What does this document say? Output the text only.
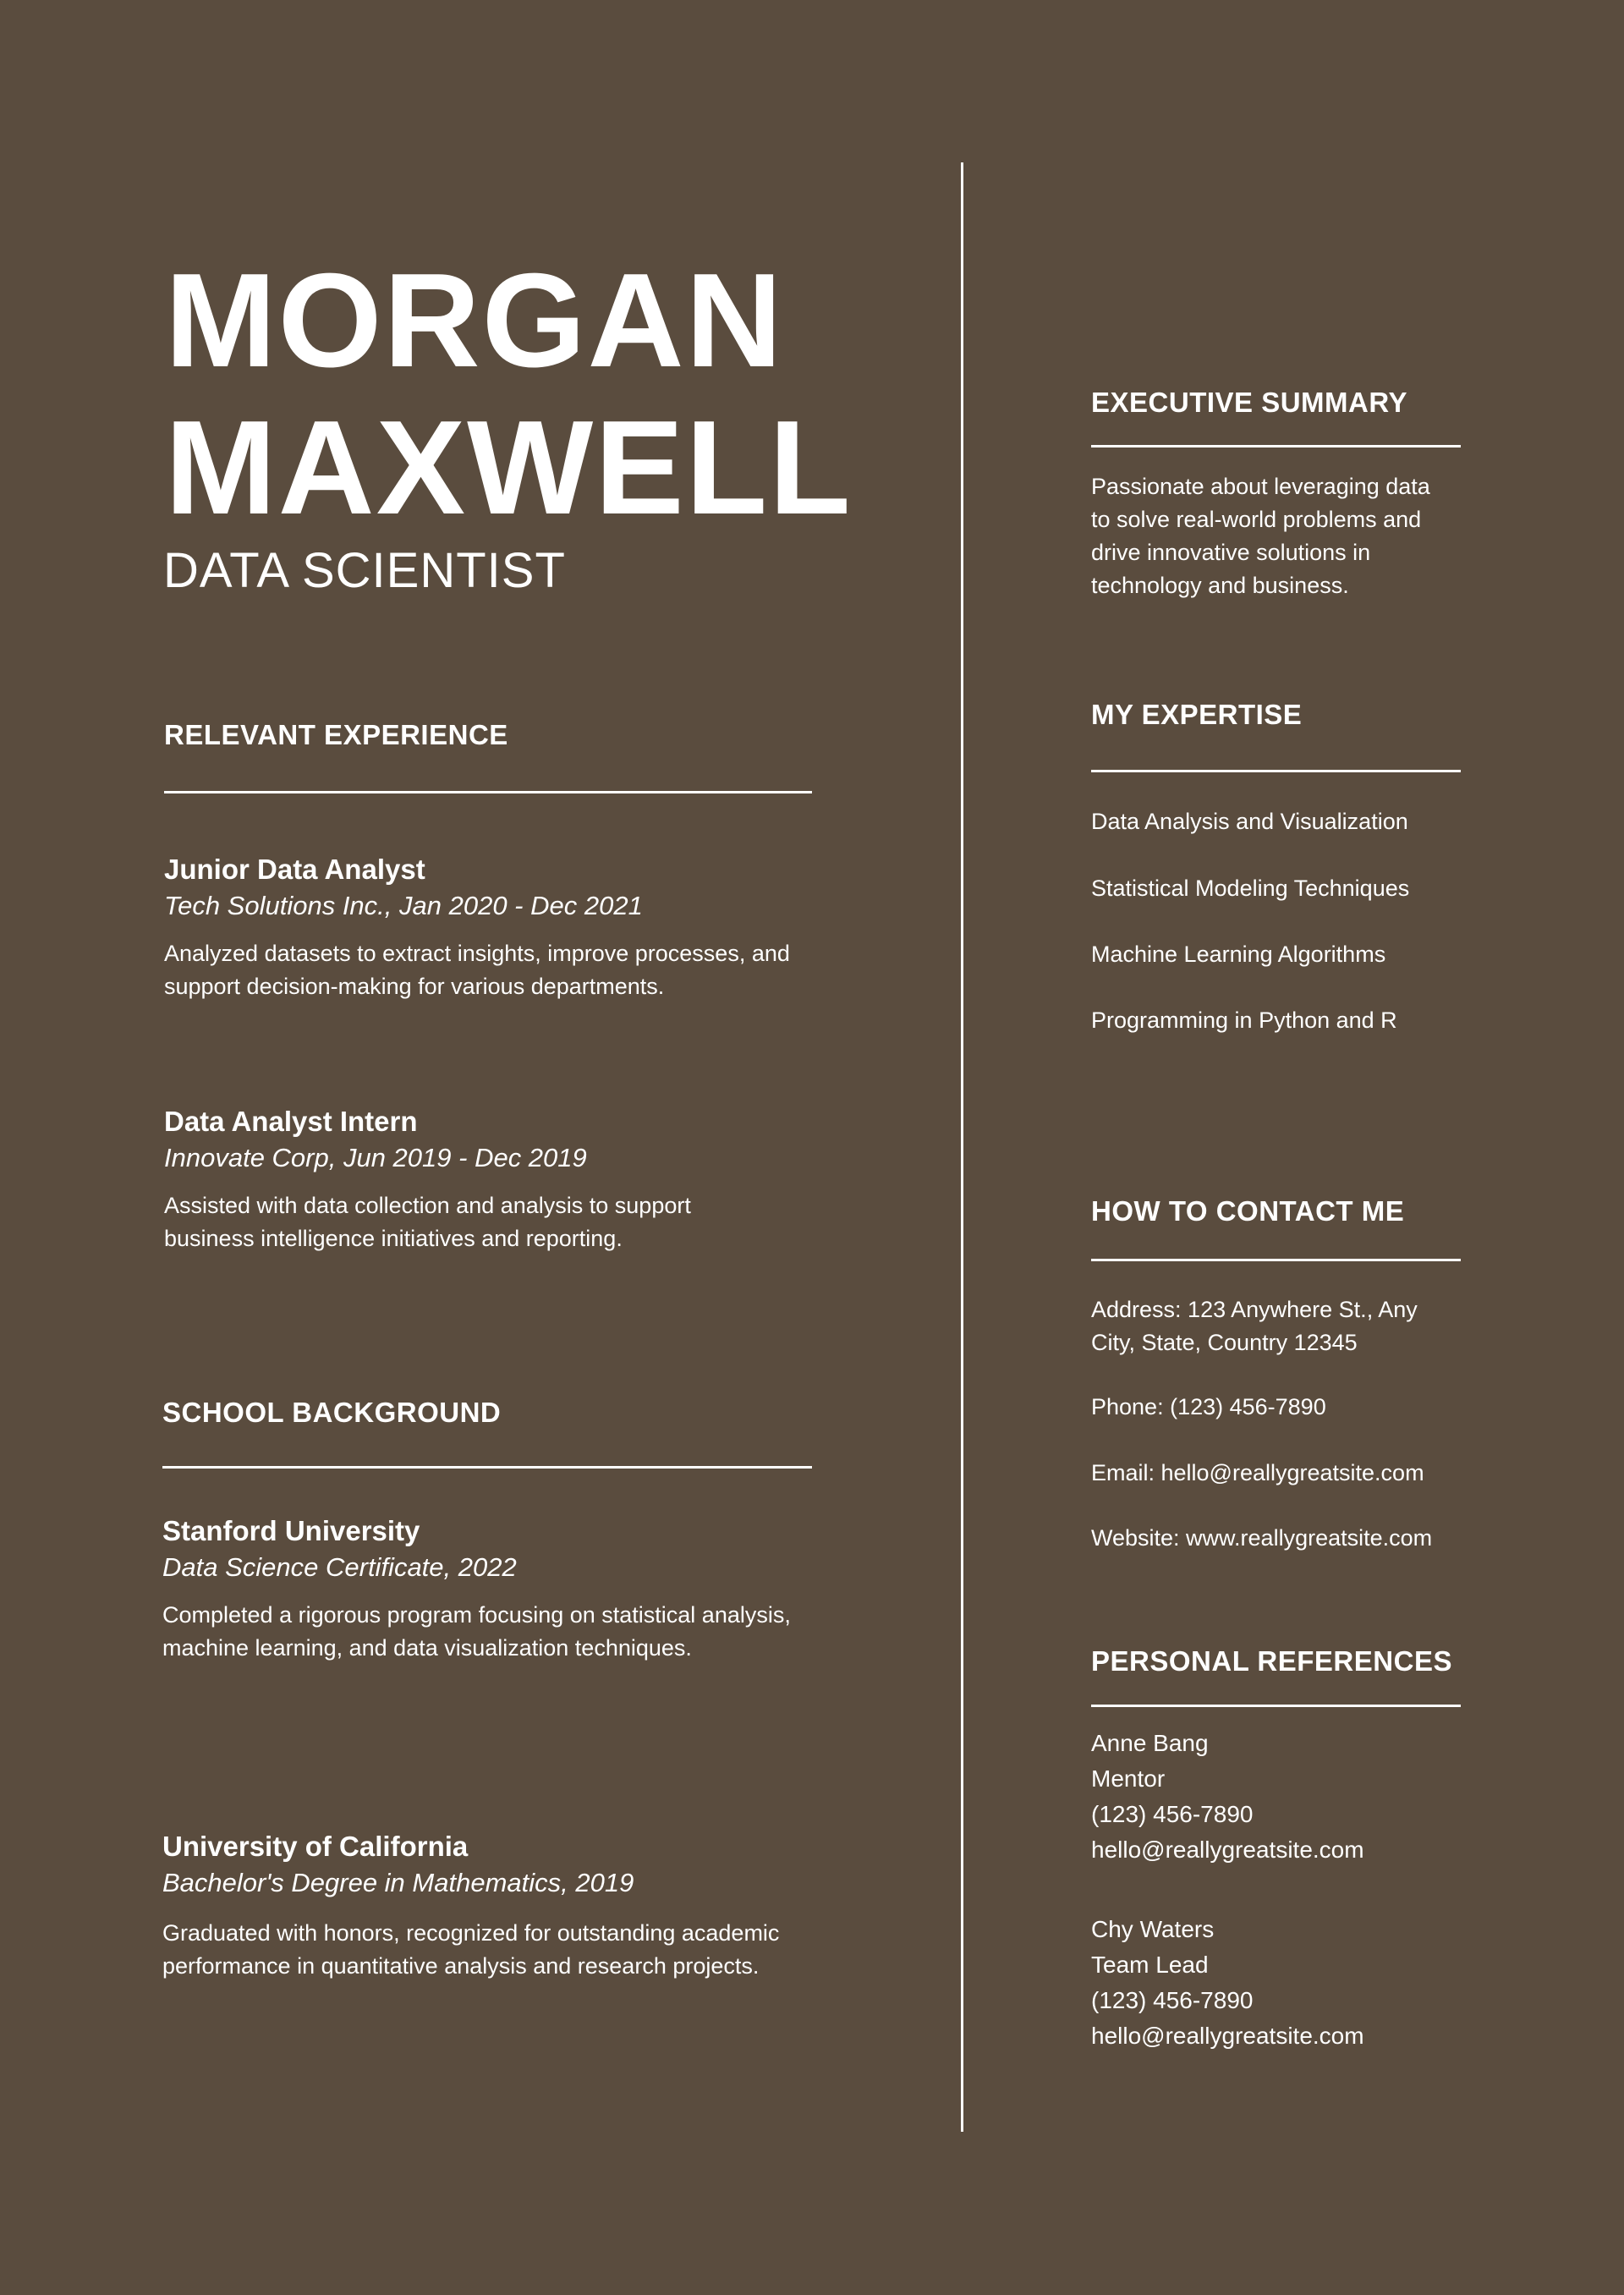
MORGAN
MAXWELL
DATA SCIENTIST
RELEVANT EXPERIENCE
Junior Data Analyst
Tech Solutions Inc., Jan 2020 - Dec 2021
Analyzed datasets to extract insights, improve processes, and
support decision-making for various departments.
Data Analyst Intern
Innovate Corp, Jun 2019 - Dec 2019
Assisted with data collection and analysis to support
business intelligence initiatives and reporting.
SCHOOL BACKGROUND
Stanford University
Data Science Certificate, 2022
Completed a rigorous program focusing on statistical analysis,
machine learning, and data visualization techniques.
University of California
Bachelor's Degree in Mathematics, 2019
Graduated with honors, recognized for outstanding academic
performance in quantitative analysis and research projects.
EXECUTIVE SUMMARY
Passionate about leveraging data
to solve real-world problems and
drive innovative solutions in
technology and business.
MY EXPERTISE
Data Analysis and Visualization
Statistical Modeling Techniques
Machine Learning Algorithms
Programming in Python and R
HOW TO CONTACT ME
Address: 123 Anywhere St., Any
City, State, Country 12345
Phone: (123) 456-7890
Email: hello@reallygreatsite.com
Website: www.reallygreatsite.com
PERSONAL REFERENCES
Anne Bang
Mentor
(123) 456-7890
hello@reallygreatsite.com
Chy Waters
Team Lead
(123) 456-7890
hello@reallygreatsite.com
